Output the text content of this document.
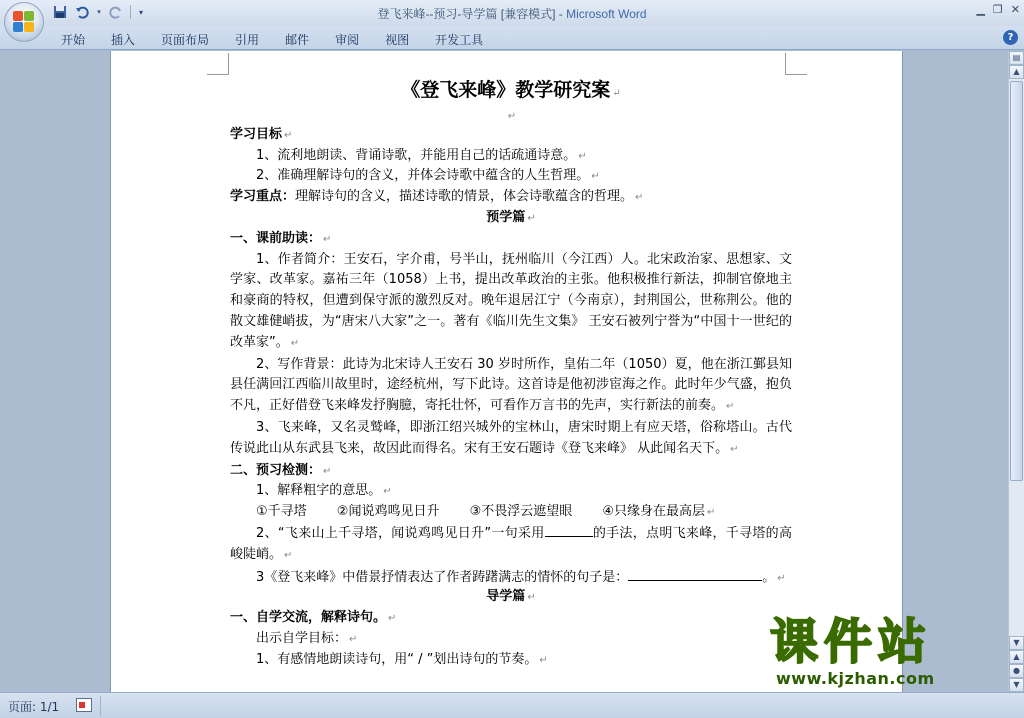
▾	▾	登飞来峰--预习-导学篇 [兼容模式] - Microsoft Word	▁ ❐ ✕
开始	插入	页面布局	引用	邮件	审阅	视图	开发工具	?
《登飞来峰》教学研究案 ↵
↵
学习目标 ↵
1、流利地朗读、背诵诗歌，并能用自己的话疏通诗意。 ↵
2、准确理解诗句的含义，并体会诗歌中蕴含的人生哲理。 ↵
学习重点：理解诗句的含义，描述诗歌的情景，体会诗歌蕴含的哲理。 ↵
预学篇 ↵
一、课前助读： ↵
1、作者简介：王安石，字介甫，号半山，抚州临川（今江西）人。北宋政治家、思想家、文学家、改革家。嘉祐三年（1058）上书，提出改革政治的主张。他积极推行新法，抑制官僚地主和豪商的特权，但遭到保守派的激烈反对。晚年退居江宁（今南京），封荆国公，世称荆公。他的散文雄健峭拔，为“唐宋八大家”之一。著有《临川先生文集》 王安石被列宁誉为“中国十一世纪的改革家”。 ↵
2、写作背景：此诗为北宋诗人王安石 30 岁时所作，皇佑二年（1050）夏，他在浙江鄞县知县任满回江西临川故里时，途经杭州，写下此诗。这首诗是他初涉宦海之作。此时年少气盛，抱负不凡，正好借登飞来峰发抒胸臆，寄托壮怀，可看作万言书的先声，实行新法的前奏。 ↵
3、飞来峰，又名灵鹫峰，即浙江绍兴城外的宝林山，唐宋时期上有应天塔，俗称塔山。古代传说此山从东武县飞来，故因此而得名。宋有王安石题诗《登飞来峰》 从此闻名天下。 ↵
二、预习检测： ↵
1、解释粗字的意思。 ↵
①千寻塔 ②闻说鸡鸣见日升 ③不畏浮云遮望眼 ④只缘身在最高层 ↵
2、“飞来山上千寻塔，闻说鸡鸣见日升”一句采用	的手法，点明飞来峰，千寻塔的高峻陡峭。 ↵
3《登飞来峰》中借景抒情表达了作者踌躇满志的情怀的句子是：	。 ↵
导学篇 ↵
一、自学交流，解释诗句。 ↵
出示自学目标： ↵
1、有感情地朗读诗句，用“ / ”划出诗句的节奏。 ↵
▤
▲
▼
▲
●
▼
页面: 1/1
课件站
www.kjzhan.com
